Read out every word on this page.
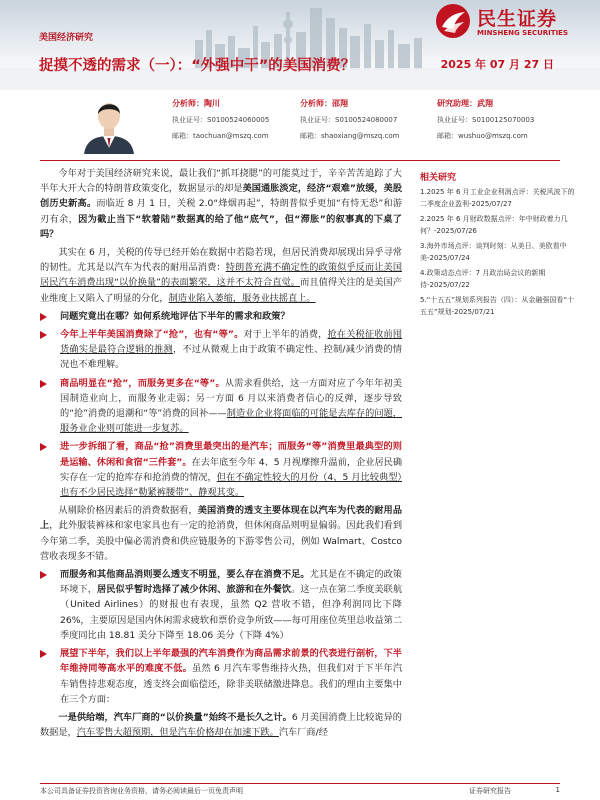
美国经济研究
捉摸不透的需求（一）：“外强中干”的美国消费？	2025 年 07 月 27 日
民生证券
MINSHENG SECURITIES
分析师：陶川
执业证号：S0100524060005
邮箱：taochuan@mszq.com
分析师：邵翔
执业证号：S0100524080007
邮箱：shaoxiang@mszq.com
研究助理：武翔
执业证号：S0100125070003
邮箱：wushuo@mszq.com

今年对于美国经济研究来说，最让我们“抓耳挠腮”的可能莫过于，辛辛苦苦追踪了大半年大开大合的特朗普政策变化，数据显示的却是美国通胀淡定，经济“艰难”放缓，美股创历史新高。而临近 8 月 1 日，关税 2.0“烽烟再起”，特朗普似乎更加“有恃无恐”和游刃有余，因为截止当下“软着陆”数据真的给了他“底气”，但“滞胀”的叙事真的下桌了吗？

其实在 6 月，关税的传导已经开始在数据中若隐若现，但居民消费却展现出异乎寻常的韧性。尤其是以汽车为代表的耐用品消费：特朗普充满不确定性的政策似乎反而让美国居民汽车消费出现“以价换量”的表面繁荣，这并不太符合直觉。而且值得关注的是美国产业维度上又陷入了明显的分化，制造业陷入萎缩，服务业扶摇直上。

问题究竟出在哪？如何系统地评估下半年的需求和政策？

今年上半年美国消费除了“抢”，也有“等”。对于上半年的消费，抢在关税征收前囤货确实是最符合逻辑的推测，不过从微观上由于政策不确定性、控制/减少消费的情况也不难理解。

商品明显在“抢”，而服务更多在“等”。从需求看供给，这一方面对应了今年年初美国制造业向上，而服务业走弱；另一方面 6 月以来消费者信心的反弹，逐步导致的“抢”消费的退潮和“等”消费的回补——制造业企业将面临的可能是去库存的问题，服务业企业则可能进一步复苏。

进一步拆细了看，商品“抢”消费里最突出的是汽车；而服务“等”消费里最典型的则是运输、休闲和食宿“三件套”。在去年底至今年 4、5 月视摩擦升温前，企业居民确实存在一定的抢库存和抢消费的情况，但在不确定性较大的月份（4、5 月比较典型）也有不少居民选择“勒紧裤腰带”、静观其变。

从剔除价格因素后的消费数据看，美国消费的透支主要体现在以汽车为代表的耐用品上，此外服装裤袜和家电家具也有一定的抢消费，但休闲商品则明显偏弱。因此我们看到今年第二季，美股中偏必需消费和供应链服务的下游零售公司，例如 Walmart、Costco 营收表现多不错。

而服务和其他商品消则要么透支不明显，要么存在消费不足。尤其是在不确定的政策环境下，居民似乎暂时选择了减少休闲、旅游和在外餐饮。这一点在第二季度美联航（United Airlines）的财报也有表现，虽然 Q2 营收不错，但净利润同比下降 26%，主要原因是国内休闲需求疲软和票价竞争所致——每可用座位英里总收益第二季度同比由 18.81 美分下降至 18.06 美分（下降 4%）

展望下半年，我们以上半年最强的汽车消费作为商品需求前景的代表进行剖析，下半年维持同等高水平的难度不低。虽然 6 月汽车零售维持火热，但我们对于下半年汽车销售持悲观态度，透支终会面临偿还，除非美联储激进降息。我们的理由主要集中在三个方面：

一是供给端，汽车厂商的“以价换量”始终不是长久之计。6 月美国消费上比较诡异的数据是，汽车零售大超预期，但是汽车价格却在加速下跌。汽车厂商/经

相关研究
1.2025 年 6 月工业企业利润点评：关税风波下的二季度企业盈利-2025/07/27
2.2025 年 6 月财政数据点评：年中财政着力几何？-2025/07/26
3.海外市场点评：谈判时刻：从美日、美欧看中美-2025/07/24
4.政策动态点评：7 月政治局会议的新期待-2025/07/22
5.“十五五”规划系列报告（四）：从金融强国看“十五五”规划-2025/07/21
本公司具备证券投资咨询业务资格，请务必阅读最后一页免责声明	证券研究报告	1
